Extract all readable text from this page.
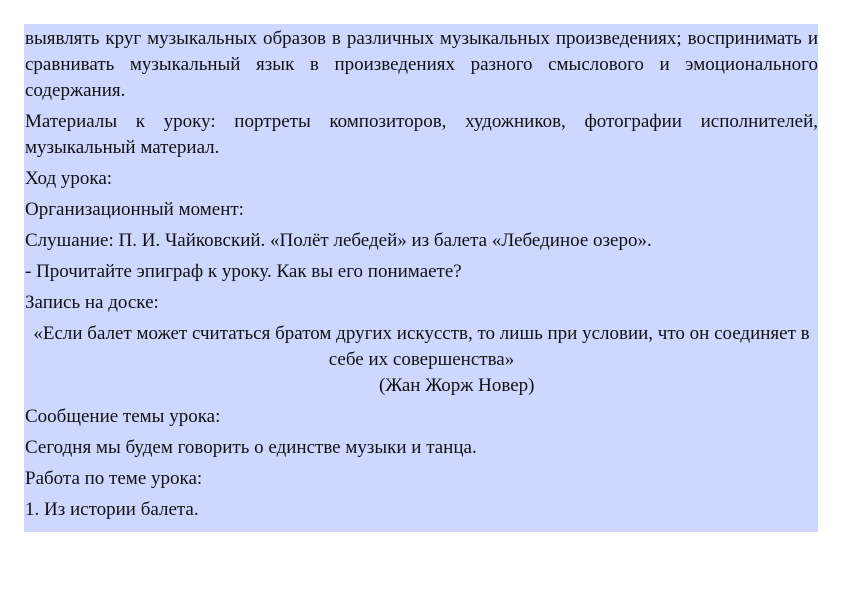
выявлять круг музыкальных образов в различных музыкальных произведениях; воспринимать и сравнивать музыкальный язык в произведениях разного смыслового и эмоционального содержания.

Материалы к уроку: портреты композиторов, художников, фотографии исполнителей, музыкальный материал.

Ход урока:

Организационный момент:

Слушание: П. И. Чайковский. «Полёт лебедей» из балета «Лебединое озеро».

- Прочитайте эпиграф к уроку. Как вы его понимаете?

Запись на доске:

«Если балет может считаться братом других искусств, то лишь при условии, что он соединяет в себе их совершенства»

(Жан Жорж Новер)

Сообщение темы урока:

Сегодня мы будем говорить о единстве музыки и танца.

Работа по теме урока:

1. Из истории балета.
